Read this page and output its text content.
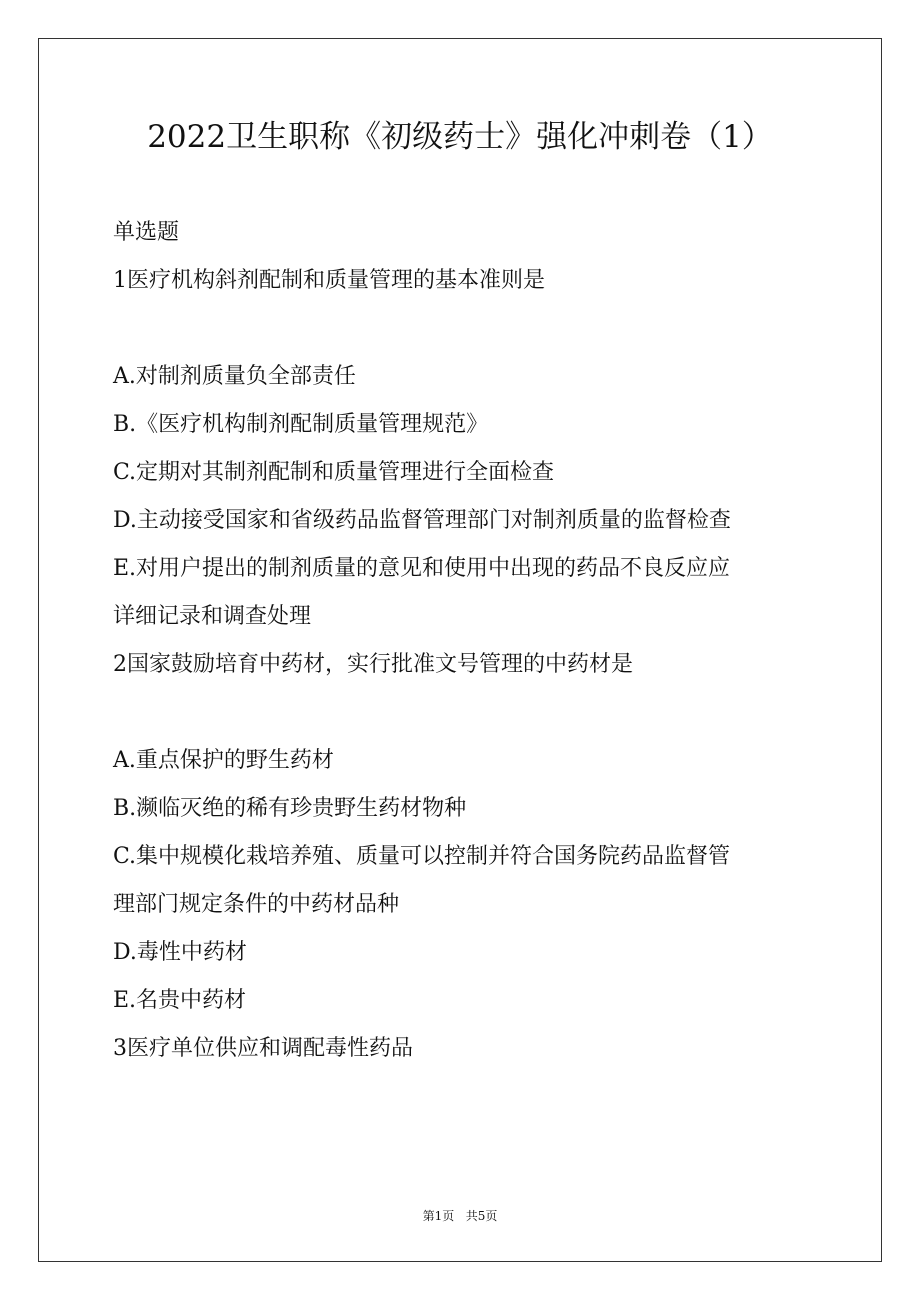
2022卫生职称《初级药士》强化冲刺卷（1）
单选题
1医疗机构斜剂配制和质量管理的基本准则是
A.对制剂质量负全部责任
B.《医疗机构制剂配制质量管理规范》
C.定期对其制剂配制和质量管理进行全面检查
D.主动接受国家和省级药品监督管理部门对制剂质量的监督检查
E.对用户提出的制剂质量的意见和使用中出现的药品不良反应应
详细记录和调查处理
2国家鼓励培育中药材，实行批准文号管理的中药材是
A.重点保护的野生药材
B.濒临灭绝的稀有珍贵野生药材物种
C.集中规模化栽培养殖、质量可以控制并符合国务院药品监督管
理部门规定条件的中药材品种
D.毒性中药材
E.名贵中药材
3医疗单位供应和调配毒性药品
第1页   共5页
